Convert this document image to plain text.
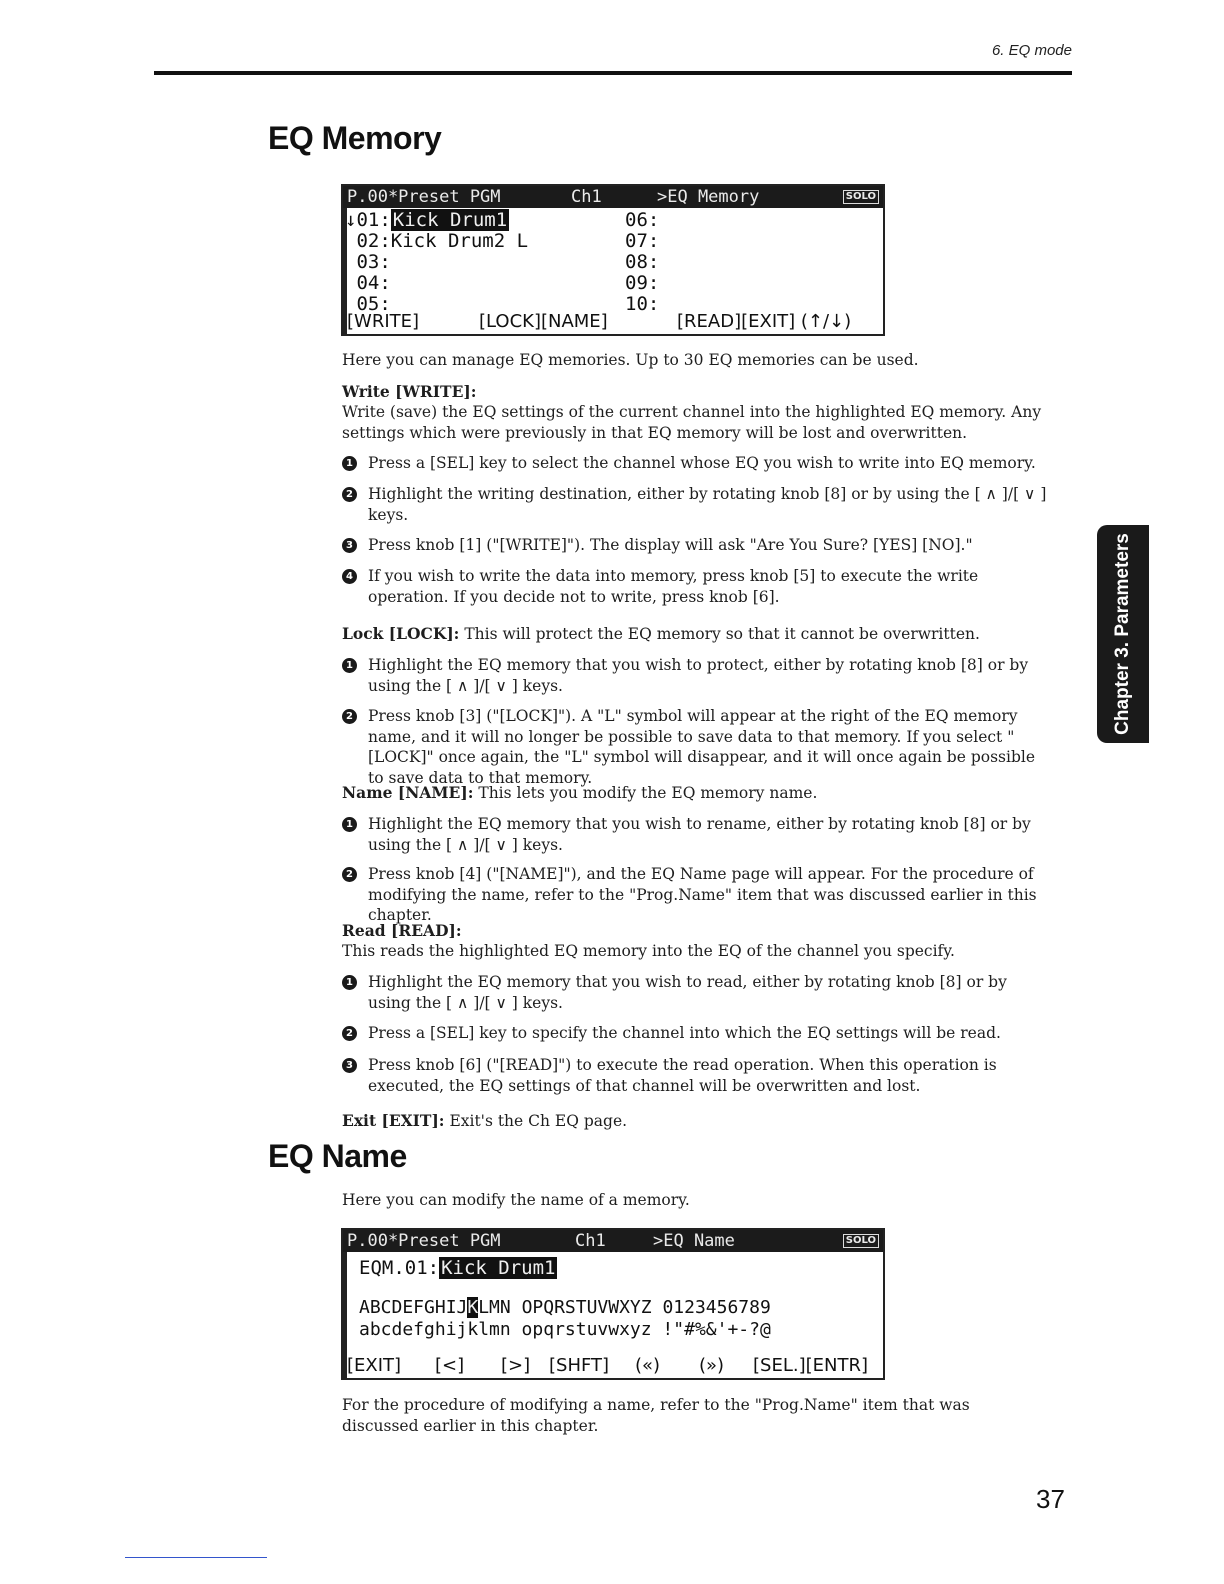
6. EQ mode
EQ Memory
P.00*Preset PGM	Ch1	>EQ Memory	SOLO
↓01: Kick Drum1
02:Kick Drum2 L
03:
04:
05:
06:
07:
08:
09:
10:

[WRITE]

	[LOCK][NAME]

	[READ][EXIT] (↑/↓)

Here you can manage EQ memories. Up to 30 EQ memories can be used.
Write [WRITE]:
Write (save) the EQ settings of the current channel into the highlighted EQ memory. Any settings which were previously in that EQ memory will be lost and overwritten.
1 Press a [SEL] key to select the channel whose EQ you wish to write into EQ memory.
2 Highlight the writing destination, either by rotating knob [8] or by using the [ ∧ ]/[ ∨ ] keys.
3 Press knob [1] ("[WRITE]"). The display will ask "Are You Sure? [YES] [NO]."
4 If you wish to write the data into memory, press knob [5] to execute the write operation. If you decide not to write, press knob [6].
Lock [LOCK]: This will protect the EQ memory so that it cannot be overwritten.
1 Highlight the EQ memory that you wish to protect, either by rotating knob [8] or by using the [ ∧ ]/[ ∨ ] keys.
2 Press knob [3] ("[LOCK]"). A "L" symbol will appear at the right of the EQ memory name, and it will no longer be possible to save data to that memory. If you select "[LOCK]" once again, the "L" symbol will disappear, and it will once again be possible to save data to that memory.
Name [NAME]: This lets you modify the EQ memory name.
1 Highlight the EQ memory that you wish to rename, either by rotating knob [8] or by using the [ ∧ ]/[ ∨ ] keys.
2 Press knob [4] ("[NAME]"), and the EQ Name page will appear. For the procedure of modifying the name, refer to the "Prog.Name" item that was discussed earlier in this chapter.
Read [READ]:
This reads the highlighted EQ memory into the EQ of the channel you specify.
1 Highlight the EQ memory that you wish to read, either by rotating knob [8] or by using the [ ∧ ]/[ ∨ ] keys.
2 Press a [SEL] key to specify the channel into which the EQ settings will be read.
3 Press knob [6] ("[READ]") to execute the read operation. When this operation is executed, the EQ settings of that channel will be overwritten and lost.
Exit [EXIT]: Exit's the Ch EQ page.
EQ Name
Here you can modify the name of a memory.
P.00*Preset PGM	Ch1	>EQ Name	SOLO
EQM.01: Kick Drum1
ABCDEFGHIJKLMN OPQRSTUVWXYZ 0123456789
abcdefghijklmn opqrstuvwxyz !"#%&'+-?@

[EXIT]

[<]

[>]

[SHFT]

(«)

(»)

[SEL.][ENTR]

For the procedure of modifying a name, refer to the "Prog.Name" item that was discussed earlier in this chapter.
Chapter 3. Parameters
37
